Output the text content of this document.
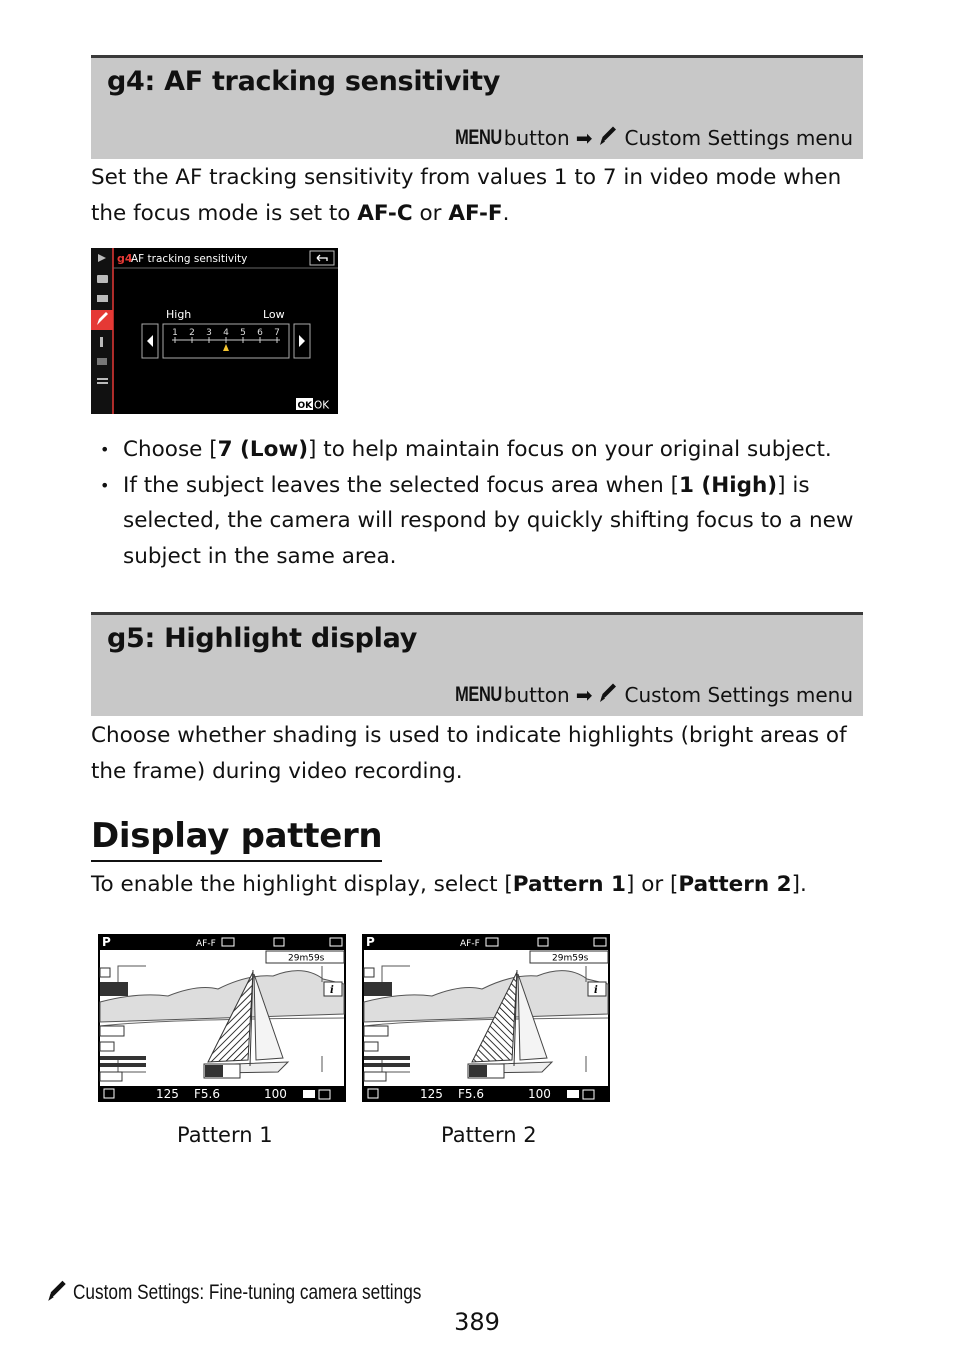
g4: AF tracking sensitivity
MENU button ➡ Custom Settings menu
Set the AF tracking sensitivity from values 1 to 7 in video mode when the focus mode is set to AF-C or AF-F.
g4
AF tracking sensitivity
High	Low
1 2 3 4 5 6 7
OK OK
• Choose [7 (Low)] to help maintain focus on your original subject.
• If the subject leaves the selected focus area when [1 (High)] is selected, the camera will respond by quickly shifting focus to a new subject in the same area.
g5: Highlight display
MENU button ➡ Custom Settings menu
Choose whether shading is used to indicate highlights (bright areas of the frame) during video recording.
Display pattern
To enable the highlight display, select [Pattern 1] or [Pattern 2].
P	AF-F
29m59s
i
125 F5.6	100
P	AF-F
29m59s
i
125 F5.6	100
Pattern 1	Pattern 2
Custom Settings: Fine-tuning camera settings
389
